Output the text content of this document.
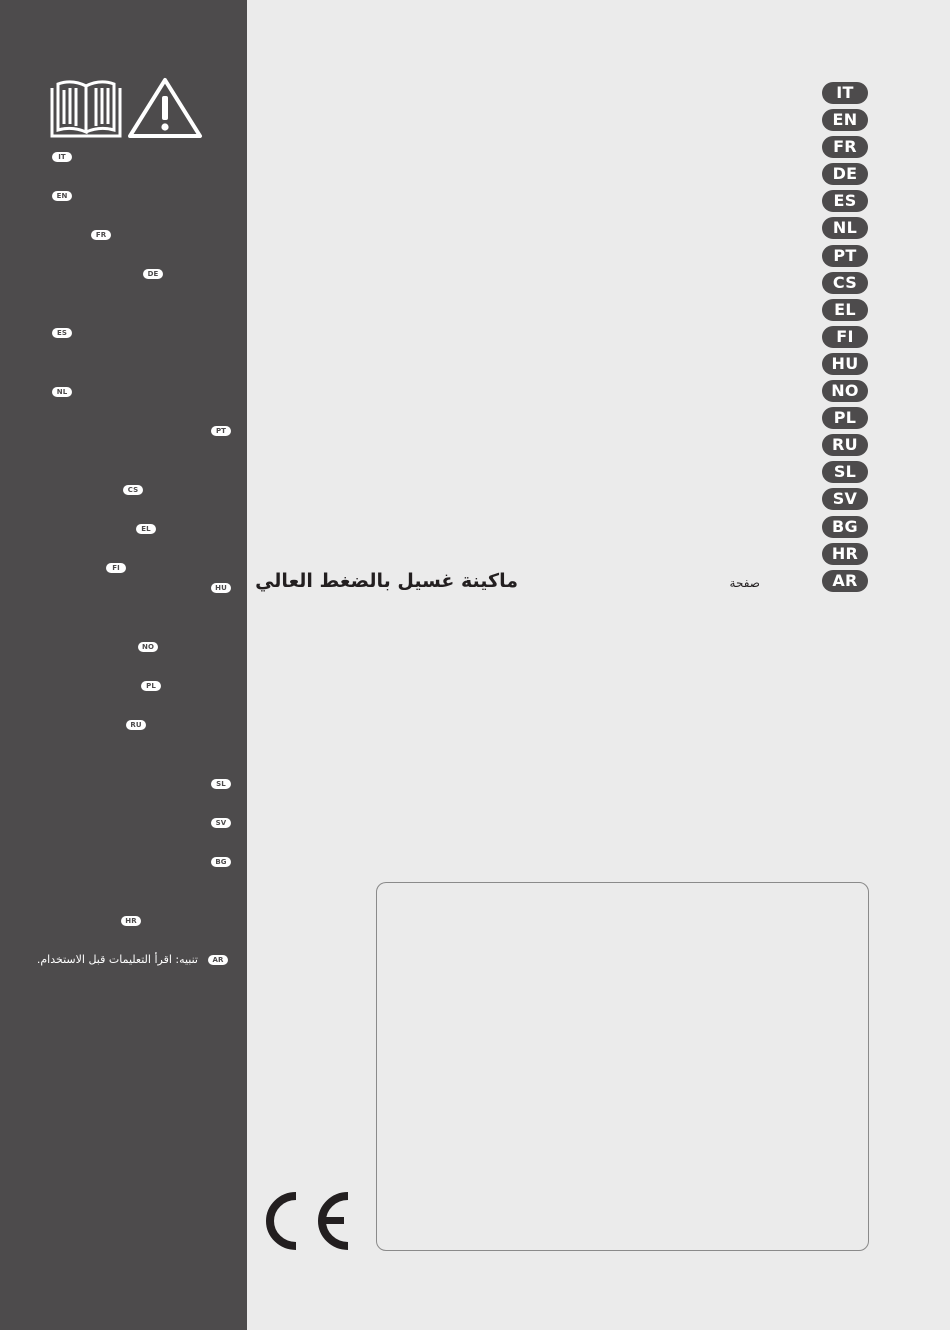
IT
EN
FR
DE
ES
NL
PT
CS
EL
FI
HU
NO
PL
RU
SL
SV
BG
HR
تنبيه: اقرأ التعليمات قبل الاستخدام.	AR
IT
EN
FR
DE
ES
NL
PT
CS
EL
FI
HU
NO
PL
RU
SL
SV
BG
HR
AR
ماكينة غسيل بالضغط العالي	صفحة
